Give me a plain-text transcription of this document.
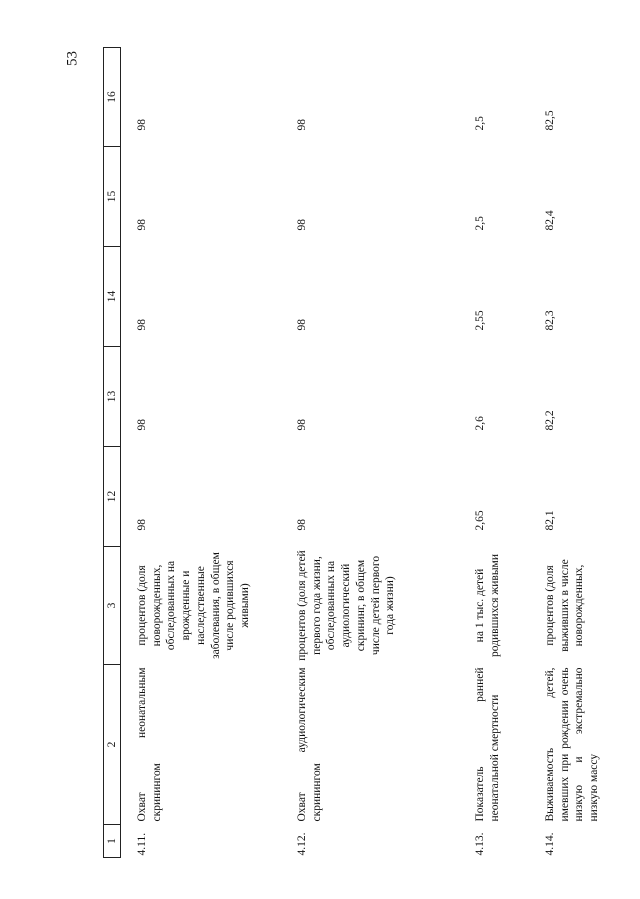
53
1	2	3	12	13	14	15	16
4.11.	Охват неонатальным скринингом	процентов (доля новорожденных, обследованных на врожденные и наследственные заболевания, в общем числе родившихся живыми)	98	98	98	98	98
4.12.	Охват аудиологическим скринингом	процентов (доля детей первого года жизни, обследованных на аудиологический скрининг, в общем числе детей первого года жизни)	98	98	98	98	98
4.13.	Показатель ранней неонатальной смертности	на 1 тыс. детей родившихся живыми	2,65	2,6	2,55	2,5	2,5
4.14.	Выживаемость детей, имевших при рождении очень низкую и экстремально низкую массу	процентов (доля выживших в числе новорожденных,	82,1	82,2	82,3	82,4	82,5
